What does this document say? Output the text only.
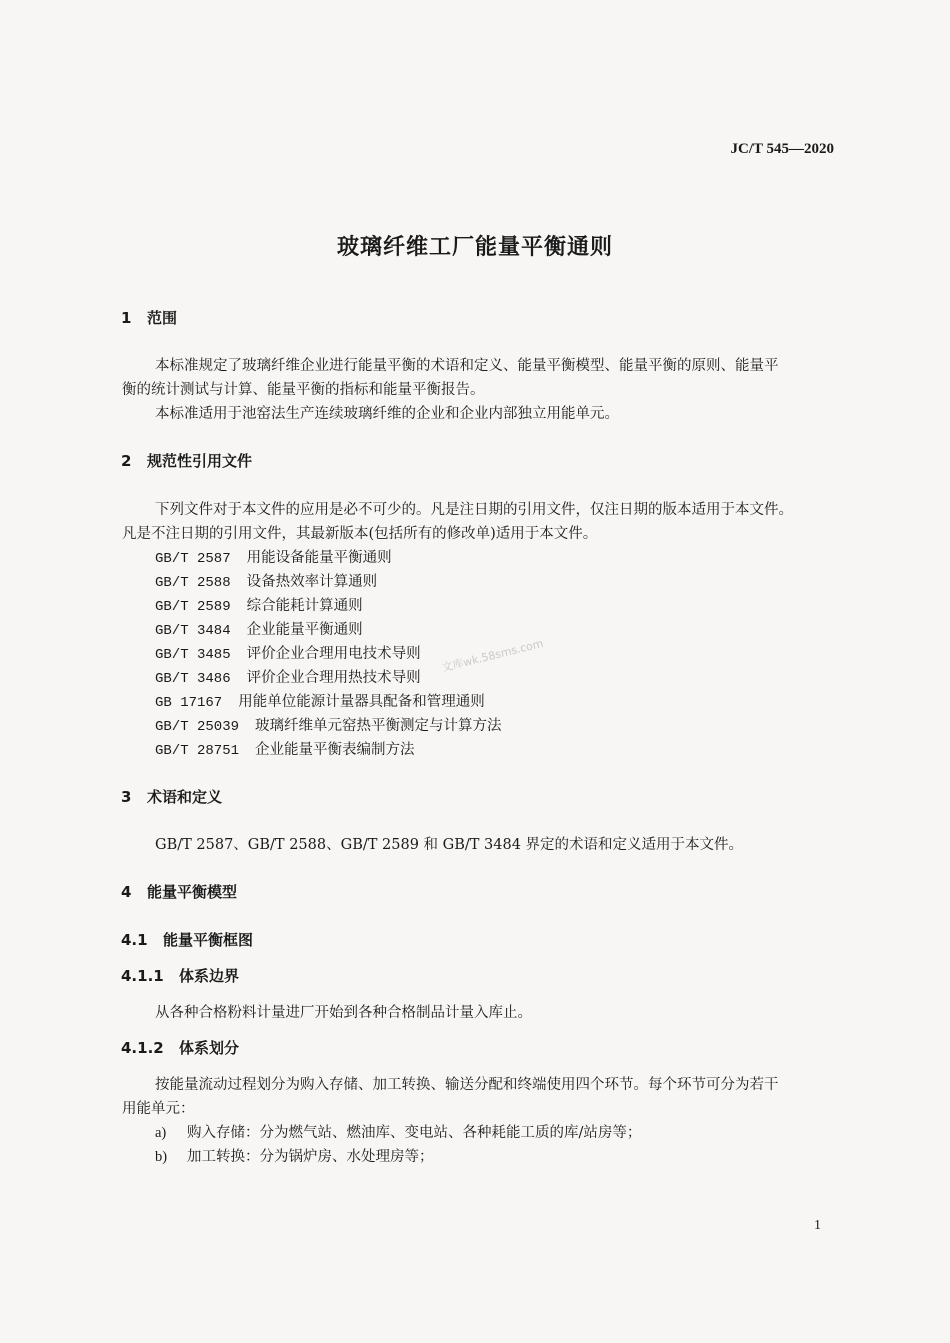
JC/T 545—2020
玻璃纤维工厂能量平衡通则
1 范围
本标准规定了玻璃纤维企业进行能量平衡的术语和定义、能量平衡模型、能量平衡的原则、能量平
衡的统计测试与计算、能量平衡的指标和能量平衡报告。
本标准适用于池窑法生产连续玻璃纤维的企业和企业内部独立用能单元。
2 规范性引用文件
下列文件对于本文件的应用是必不可少的。凡是注日期的引用文件，仅注日期的版本适用于本文件。
凡是不注日期的引用文件，其最新版本(包括所有的修改单)适用于本文件。
GB/T 2587 用能设备能量平衡通则
GB/T 2588 设备热效率计算通则
GB/T 2589 综合能耗计算通则
GB/T 3484 企业能量平衡通则
GB/T 3485 评价企业合理用电技术导则
GB/T 3486 评价企业合理用热技术导则
GB 17167 用能单位能源计量器具配备和管理通则
GB/T 25039 玻璃纤维单元窑热平衡测定与计算方法
GB/T 28751 企业能量平衡表编制方法
文库wk.58sms.com
3 术语和定义
GB/T 2587、GB/T 2588、GB/T 2589 和 GB/T 3484 界定的术语和定义适用于本文件。
4 能量平衡模型
4.1 能量平衡框图
4.1.1 体系边界
从各种合格粉料计量进厂开始到各种合格制品计量入库止。
4.1.2 体系划分
按能量流动过程划分为购入存储、加工转换、输送分配和终端使用四个环节。每个环节可分为若干
用能单元：
a) 购入存储：分为燃气站、燃油库、变电站、各种耗能工质的库/站房等；
b) 加工转换：分为锅炉房、水处理房等；
1
